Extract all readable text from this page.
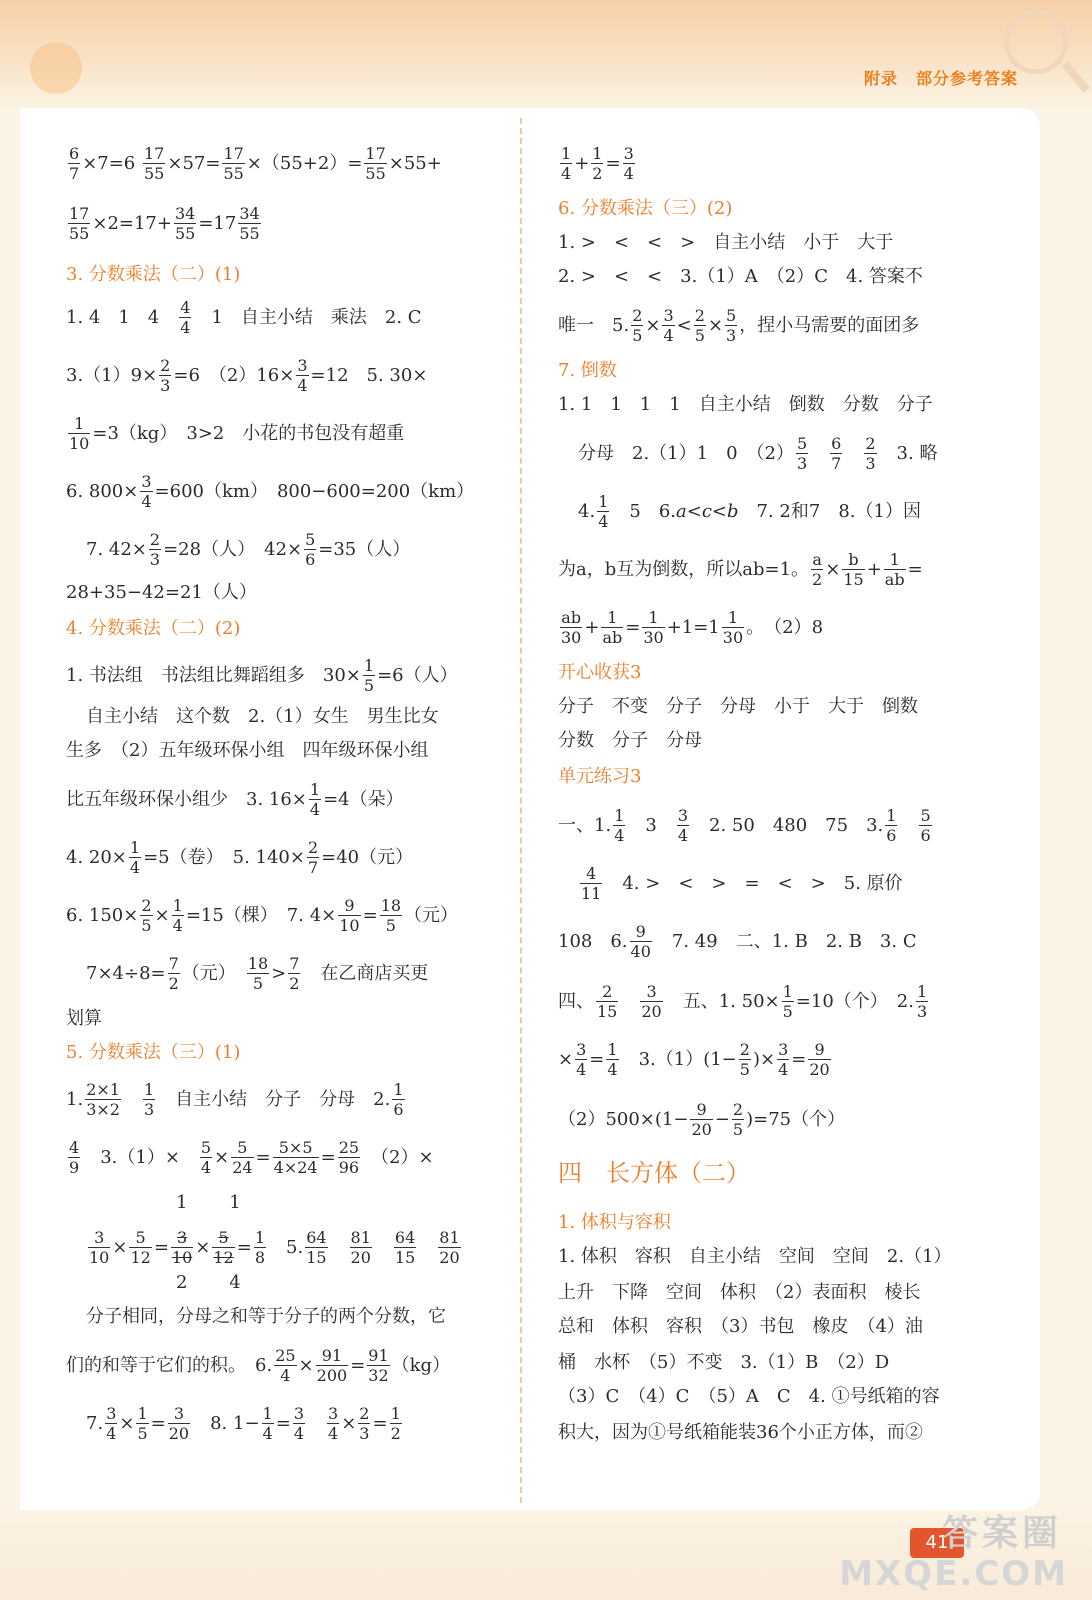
附录 部分参考答案
41
答案圈
MXQE.COM
$\frac{6}{7} \times 7=6 \frac{17}{55} \times 57= \frac{17}{55} \times(55+2)= \frac{17}{55} \times 55+$
$\frac{17}{55} \times 2=17+ \frac{34}{55} =17 \frac{34}{55}$
3. 分数乘法（二）(1)
1. 4　1　4　 $\frac{4}{4}$
　 1　自主小结　乘法　2. C
$3.(1)9\times \frac{2}{3} =6$　$(2)16\times \frac{3}{4} =12$　5. 30×
$\frac{1}{10} =3(kg)$　3>2　小花的书包没有超重
6. $800\times \frac{3}{4} =600(km)$　800−600=200（km）
7. $42\times \frac{2}{3} =28$（人）　$42\times \frac{5}{6} =35$（人）
28+35−42=21（人）
4. 分数乘法（二）(2)
1. 书法组　书法组比舞蹈组多　$30\times \frac{1}{5} =6$（人）
自主小结　这个数　2.（1）女生　男生比女
生多　（2）五年级环保小组　四年级环保小组
比五年级环保小组少　3. $16\times \frac{1}{4} =4$（朵）
4. $20\times \frac{1}{4} =5$（卷）　5. $140\times \frac{2}{7} =40$（元）
6. $150\times \frac{2}{5} \times \frac{1}{4} =15$（棵）　7. $4\times \frac{9}{10} = \frac{18}{5}$ （元）
$7\times 4\div 8= \frac{7}{2}$ （元）　 $\frac{18}{5} > \frac{7}{2}$
　 在乙商店买更
划算
5. 分数乘法（三）(1)
1. $\frac{2\times 1}{3\times 2}$
　 $\frac{1}{3}$
　 自主小结　分子　分母　2. $\frac{1}{6}$
$\frac{4}{9}$
　 3.（1）×　 $\frac{5}{4} \times \frac{5}{24} = \frac{5\times 5}{4\times 24} = \frac{25}{96}$
　 （2）×
1　　 1
$\frac{3}{10} \times \frac{5}{12} = \frac{3}{10} \times \frac{5}{12} = \frac{1}{8}$
　 5. $\frac{64}{15}$
　 $\frac{81}{20}$
　 $\frac{64}{15}$
　 $\frac{81}{20}$
2　　 4
分子相同，分母之和等于分子的两个分数，它
们的和等于它们的积。　6. $\frac{25}{4} \times \frac{91}{200} = \frac{91}{32} (kg)$
7. $\frac{3}{4} \times \frac{1}{5} = \frac{3}{20}$
　 8. $1- \frac{1}{4} = \frac{3}{4}$
　 $\frac{3}{4} \times \frac{2}{3} = \frac{1}{2}$
$\frac{1}{4} + \frac{1}{2} = \frac{3}{4}$
6. 分数乘法（三）(2)
1. >　<　<　>　自主小结　小于　大于
2. >　<　<　3.（1）A　（2）C　4. 答案不
唯一　5. $\frac{2}{5} \times \frac{3}{4} < \frac{2}{5} \times \frac{5}{3}$ ，捏小马需要的面团多
7. 倒数
1. 1　1　1　1　自主小结　倒数　分数　分子
分母　2.（1）1　0　$(2) \frac{5}{3}$
　 $\frac{6}{7}$
　 $\frac{2}{3}$
　 3. 略
4. $\frac{1}{4}$
　 5　6.a<c<b　 7. 2和7　8.（1）因
为a，b互为倒数，所以ab=1。 $\frac{a}{2} \times \frac{b}{15} + \frac{1}{ab}$ =
$\frac{ab}{30} + \frac{1}{ab} = \frac{1}{30} +1=1 \frac{1}{30}$ 。　（2）8
开心收获3
分子　不变　分子　分母　小于　大于　倒数
分数　分子　分母
单元练习3
一、1. $\frac{1}{4}$
　 3　 $\frac{3}{4}$
　 2. 50　480　75　3. $\frac{1}{6}$
　 $\frac{5}{6}$
$\frac{4}{11}$
　 4. >　<　>　=　<　>　5. 原价
108　6. $\frac{9}{40}$
　 7. 49　二、1. B　2. B　3. C
四、 $\frac{2}{15}$
　 $\frac{3}{20}$
　 五、1. $50\times \frac{1}{5} =10$（个）　2. $\frac{1}{3}$
× $\frac{3}{4} = \frac{1}{4}$
　 $3.(1)(1- \frac{2}{5}$ )× $\frac{3}{4} = \frac{9}{20}$
$(2)500\times(1- \frac{9}{20} - \frac{2}{5} )=75$（个）
四　长方体（二）
1. 体积与容积
1. 体积　容积　自主小结　空间　空间　2.（1）
上升　下降　空间　体积　（2）表面积　棱长
总和　体积　容积　（3）书包　橡皮　（4）油
桶　水杯　（5）不变　3.（1）B　（2）D
（3）C　（4）C　（5）A　C　4. ①号纸箱的容
积大，因为①号纸箱能装36个小正方体，而②
